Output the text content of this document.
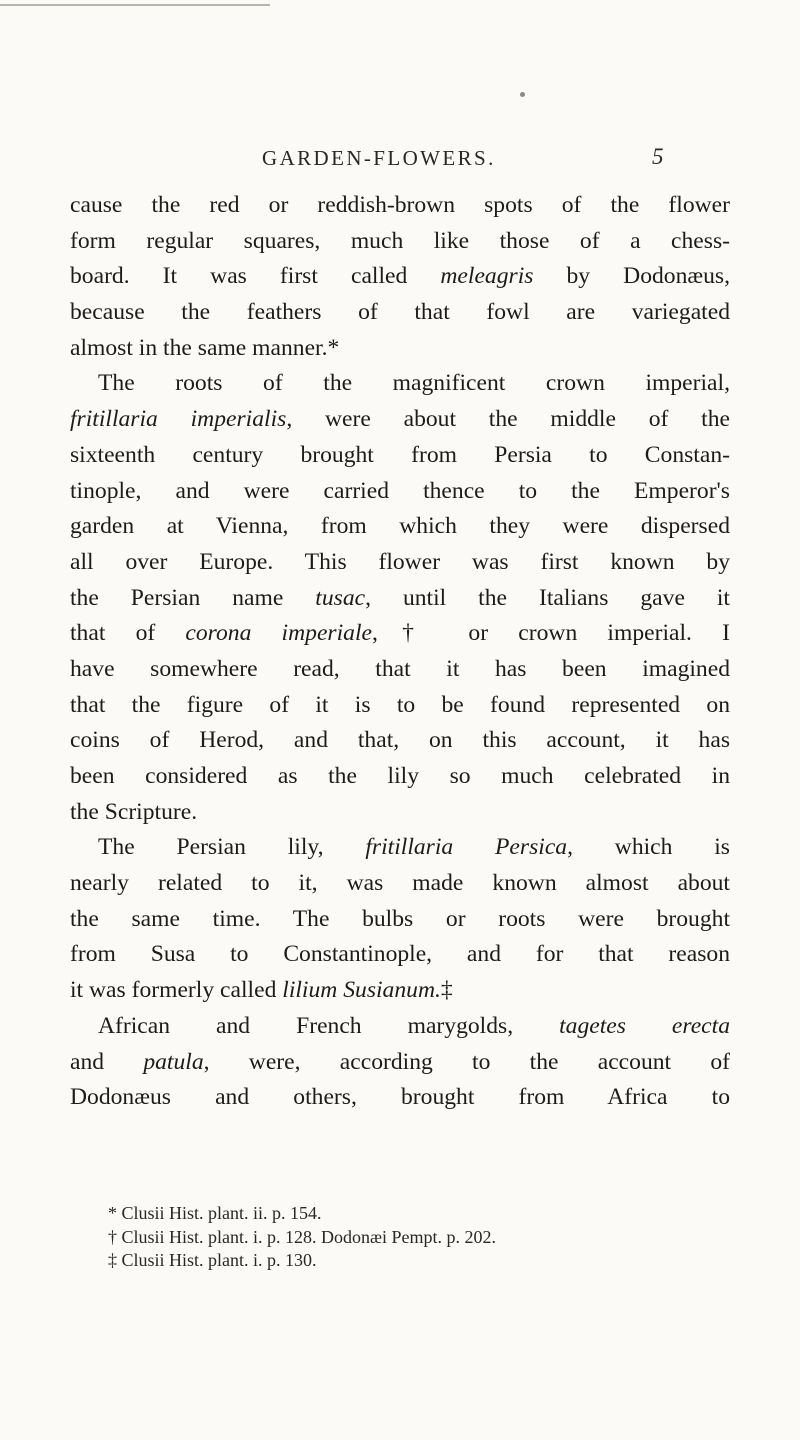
GARDEN-FLOWERS.	5
cause the red or reddish-brown spots of the flower
form regular squares, much like those of a chess-
board. It was first called meleagris by Dodonæus,
because the feathers of that fowl are variegated
almost in the same manner.*
The roots of the magnificent crown imperial,
fritillaria imperialis, were about the middle of the
sixteenth century brought from Persia to Constan-
tinople, and were carried thence to the Emperor's
garden at Vienna, from which they were dispersed
all over Europe. This flower was first known by
the Persian name tusac, until the Italians gave it
that of corona imperiale,† or crown imperial. I
have somewhere read, that it has been imagined
that the figure of it is to be found represented on
coins of Herod, and that, on this account, it has
been considered as the lily so much celebrated in
the Scripture.
The Persian lily, fritillaria Persica, which is
nearly related to it, was made known almost about
the same time. The bulbs or roots were brought
from Susa to Constantinople, and for that reason
it was formerly called lilium Susianum.‡
African and French marygolds, tagetes erecta
and patula, were, according to the account of
Dodonæus and others, brought from Africa to
* Clusii Hist. plant. ii. p. 154.
† Clusii Hist. plant. i. p. 128. Dodonæi Pempt. p. 202.
‡ Clusii Hist. plant. i. p. 130.
